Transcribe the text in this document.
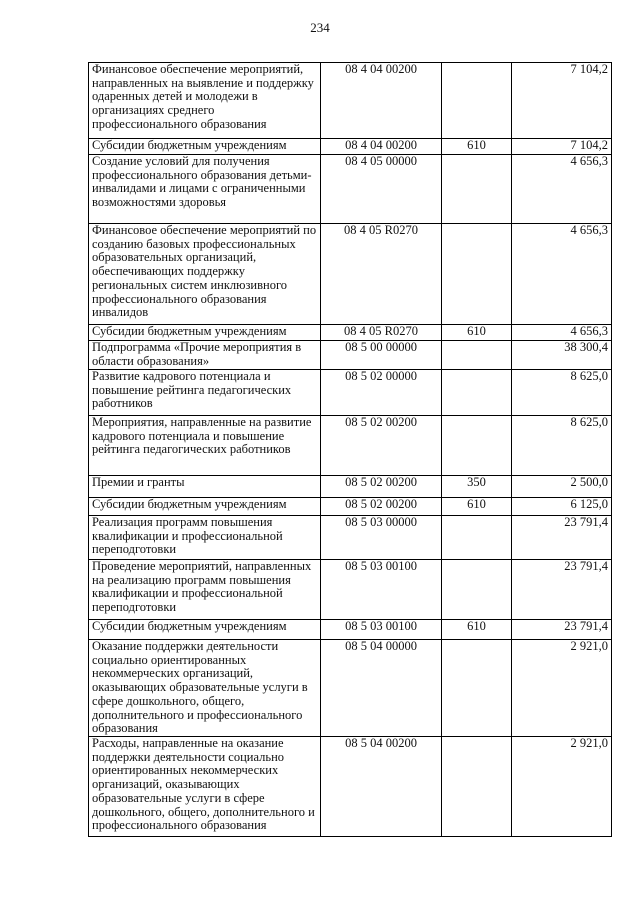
234
Финансовое обеспечение мероприятий, направленных на выявление и поддержку одаренных детей и молодежи в организациях среднего профессионального образования	08 4 04 00200		7 104,2
Субсидии бюджетным учреждениям	08 4 04 00200	610	7 104,2
Создание условий для получения профессионального образования детьми-инвалидами и лицами с ограниченными возможностями здоровья	08 4 05 00000		4 656,3
Финансовое обеспечение мероприятий по созданию базовых профессиональных образовательных организаций, обеспечивающих поддержку региональных систем инклюзивного профессионального образования инвалидов	08 4 05 R0270		4 656,3
Субсидии бюджетным учреждениям	08 4 05 R0270	610	4 656,3
Подпрограмма «Прочие мероприятия в области образования»	08 5 00 00000		38 300,4
Развитие кадрового потенциала и повышение рейтинга педагогических работников	08 5 02 00000		8 625,0
Мероприятия, направленные на развитие кадрового потенциала и повышение рейтинга педагогических работников	08 5 02 00200		8 625,0
Премии и гранты	08 5 02 00200	350	2 500,0
Субсидии бюджетным учреждениям	08 5 02 00200	610	6 125,0
Реализация программ повышения квалификации и профессиональной переподготовки	08 5 03 00000		23 791,4
Проведение мероприятий, направленных на реализацию программ повышения квалификации и профессиональной переподготовки	08 5 03 00100		23 791,4
Субсидии бюджетным учреждениям	08 5 03 00100	610	23 791,4
Оказание поддержки деятельности социально ориентированных некоммерческих организаций, оказывающих образовательные услуги в сфере дошкольного, общего, дополнительного и профессионального образования	08 5 04 00000		2 921,0
Расходы, направленные на оказание поддержки деятельности социально ориентированных некоммерческих организаций, оказывающих образовательные услуги в сфере дошкольного, общего, дополнительного и профессионального образования	08 5 04 00200		2 921,0
